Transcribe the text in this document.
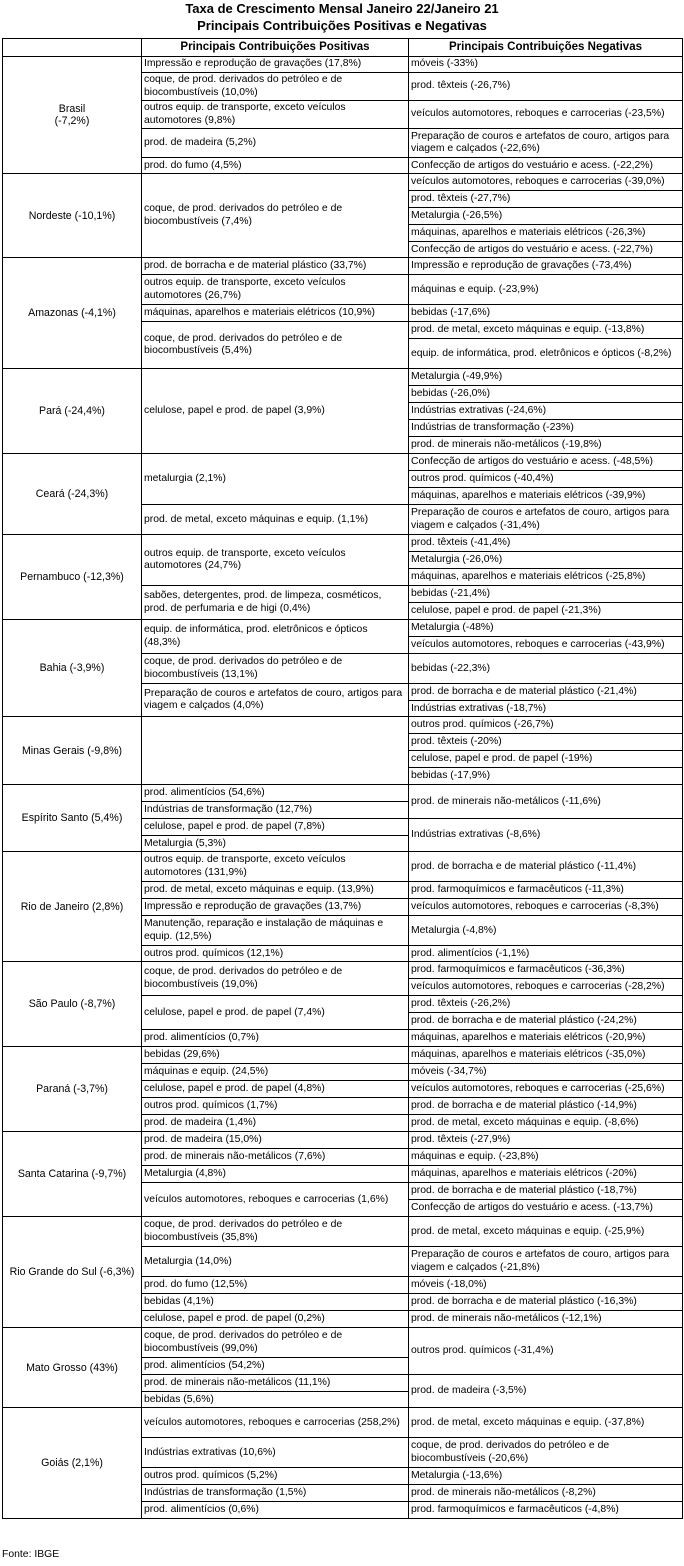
Taxa de Crescimento Mensal Janeiro 22/Janeiro 21
Principais Contribuições Positivas e Negativas
	Principais Contribuições Positivas	Principais Contribuições Negativas
Brasil
(-7,2%)	Impressão e reprodução de gravações (17,8%)	móveis (-33%)
	coque, de prod. derivados do petróleo e de biocombustíveis (10,0%)	prod. têxteis (-26,7%)
	outros equip. de transporte, exceto veículos automotores (9,8%)	veículos automotores, reboques e carrocerias (-23,5%)
	prod. de madeira (5,2%)	Preparação de couros e artefatos de couro, artigos para viagem e calçados (-22,6%)
	prod. do fumo (4,5%)	Confecção de artigos do vestuário e acess. (-22,2%)
Nordeste (-10,1%)	coque, de prod. derivados do petróleo e de biocombustíveis (7,4%)	veículos automotores, reboques e carrocerias (-39,0%)
		prod. têxteis (-27,7%)
		Metalurgia (-26,5%)
		máquinas, aparelhos e materiais elétricos (-26,3%)
		Confecção de artigos do vestuário e acess. (-22,7%)
Amazonas (-4,1%)	prod. de borracha e de material plástico (33,7%)	Impressão e reprodução de gravações (-73,4%)
	outros equip. de transporte, exceto veículos automotores (26,7%)	máquinas e equip. (-23,9%)
	máquinas, aparelhos e materiais elétricos (10,9%)	bebidas (-17,6%)
	coque, de prod. derivados do petróleo e de biocombustíveis (5,4%)	prod. de metal, exceto máquinas e equip. (-13,8%)
		equip. de informática, prod. eletrônicos e ópticos (-8,2%)
Pará (-24,4%)	celulose, papel e prod. de papel (3,9%)	Metalurgia (-49,9%)
		bebidas (-26,0%)
		Indústrias extrativas (-24,6%)
		Indústrias de transformação (-23%)
		prod. de minerais não-metálicos (-19,8%)
Ceará (-24,3%)	metalurgia (2,1%)	Confecção de artigos do vestuário e acess. (-48,5%)
		outros prod. químicos (-40,4%)
		máquinas, aparelhos e materiais elétricos (-39,9%)
	prod. de metal, exceto máquinas e equip. (1,1%)	Preparação de couros e artefatos de couro, artigos para viagem e calçados (-31,4%)
Pernambuco (-12,3%)	outros equip. de transporte, exceto veículos automotores (24,7%)	prod. têxteis (-41,4%)
		Metalurgia (-26,0%)
		máquinas, aparelhos e materiais elétricos (-25,8%)
	sabões, detergentes, prod. de limpeza, cosméticos, prod. de perfumaria e de higi (0,4%)	bebidas (-21,4%)
		celulose, papel e prod. de papel (-21,3%)
Bahia (-3,9%)	equip. de informática, prod. eletrônicos e ópticos (48,3%)	Metalurgia (-48%)
		veículos automotores, reboques e carrocerias (-43,9%)
	coque, de prod. derivados do petróleo e de biocombustíveis (13,1%)	bebidas (-22,3%)
	Preparação de couros e artefatos de couro, artigos para viagem e calçados (4,0%)	prod. de borracha e de material plástico (-21,4%)
		Indústrias extrativas (-18,7%)
Minas Gerais (-9,8%)		outros prod. químicos (-26,7%)
		prod. têxteis (-20%)
		celulose, papel e prod. de papel (-19%)
		bebidas (-17,9%)
Espírito Santo (5,4%)	prod. alimentícios (54,6%)	prod. de minerais não-metálicos (-11,6%)
	Indústrias de transformação (12,7%)	
	celulose, papel e prod. de papel (7,8%)	Indústrias extrativas (-8,6%)
	Metalurgia (5,3%)	
Rio de Janeiro (2,8%)	outros equip. de transporte, exceto veículos automotores (131,9%)	prod. de borracha e de material plástico (-11,4%)
	prod. de metal, exceto máquinas e equip. (13,9%)	prod. farmoquímicos e farmacêuticos (-11,3%)
	Impressão e reprodução de gravações (13,7%)	veículos automotores, reboques e carrocerias (-8,3%)
	Manutenção, reparação e instalação de máquinas e equip. (12,5%)	Metalurgia (-4,8%)
	outros prod. químicos (12,1%)	prod. alimentícios (-1,1%)
São Paulo (-8,7%)	coque, de prod. derivados do petróleo e de biocombustíveis (19,0%)	prod. farmoquímicos e farmacêuticos (-36,3%)
		veículos automotores, reboques e carrocerias (-28,2%)
	celulose, papel e prod. de papel (7,4%)	prod. têxteis (-26,2%)
		prod. de borracha e de material plástico (-24,2%)
	prod. alimentícios (0,7%)	máquinas, aparelhos e materiais elétricos (-20,9%)
Paraná (-3,7%)	bebidas (29,6%)	máquinas, aparelhos e materiais elétricos (-35,0%)
	máquinas e equip. (24,5%)	móveis (-34,7%)
	celulose, papel e prod. de papel (4,8%)	veículos automotores, reboques e carrocerias (-25,6%)
	outros prod. químicos (1,7%)	prod. de borracha e de material plástico (-14,9%)
	prod. de madeira (1,4%)	prod. de metal, exceto máquinas e equip. (-8,6%)
Santa Catarina (-9,7%)	prod. de madeira (15,0%)	prod. têxteis (-27,9%)
	prod. de minerais não-metálicos (7,6%)	máquinas e equip. (-23,8%)
	Metalurgia (4,8%)	máquinas, aparelhos e materiais elétricos (-20%)
	veículos automotores, reboques e carrocerias (1,6%)	prod. de borracha e de material plástico (-18,7%)
		Confecção de artigos do vestuário e acess. (-13,7%)
Rio Grande do Sul (-6,3%)	coque, de prod. derivados do petróleo e de biocombustíveis (35,8%)	prod. de metal, exceto máquinas e equip. (-25,9%)
	Metalurgia (14,0%)	Preparação de couros e artefatos de couro, artigos para viagem e calçados (-21,8%)
	prod. do fumo (12,5%)	móveis (-18,0%)
	bebidas (4,1%)	prod. de borracha e de material plástico (-16,3%)
	celulose, papel e prod. de papel (0,2%)	prod. de minerais não-metálicos (-12,1%)
Mato Grosso (43%)	coque, de prod. derivados do petróleo e de biocombustíveis (99,0%)	outros prod. químicos (-31,4%)
	prod. alimentícios (54,2%)	
	prod. de minerais não-metálicos (11,1%)	prod. de madeira (-3,5%)
	bebidas (5,6%)	
Goiás (2,1%)	veículos automotores, reboques e carrocerias (258,2%)	prod. de metal, exceto máquinas e equip. (-37,8%)
	Indústrias extrativas (10,6%)	coque, de prod. derivados do petróleo e de biocombustíveis (-20,6%)
	outros prod. químicos (5,2%)	Metalurgia (-13,6%)
	Indústrias de transformação (1,5%)	prod. de minerais não-metálicos (-8,2%)
	prod. alimentícios (0,6%)	prod. farmoquímicos e farmacêuticos (-4,8%)
Fonte: IBGE
